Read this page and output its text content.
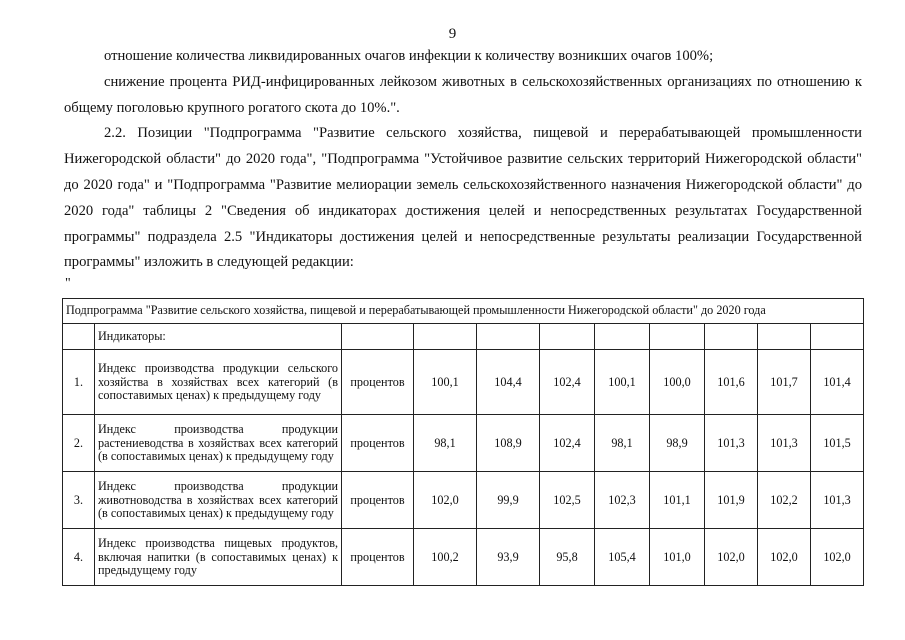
9

отношение количества ликвидированных очагов инфекции к количеству возникших очагов 100%;

снижение процента РИД-инфицированных лейкозом животных в сельскохозяйственных организациях по отношению к общему поголовью крупного рогатого скота до 10%.".

2.2. Позиции "Подпрограмма "Развитие сельского хозяйства, пищевой и перерабатывающей промышленности Нижегородской области" до 2020 года", "Подпрограмма "Устойчивое развитие сельских территорий Нижегородской области" до 2020 года" и "Подпрограмма "Развитие мелиорации земель сельскохозяйственного назначения Нижегородской области" до 2020 года" таблицы 2 "Сведения об индикаторах достижения целей и непосредственных результатах Государственной программы" подраздела 2.5 "Индикаторы достижения целей и непосредственные результаты реализации Государственной программы" изложить в следующей редакции:

"
Подпрограмма "Развитие сельского хозяйства, пищевой и перерабатывающей промышленности Нижегородской области" до 2020 года										
	Индикаторы:									
1.	Индекс производства продукции сельского хозяйства в хозяйствах всех категорий (в сопоставимых ценах) к предыдущему году	процентов	100,1	104,4	102,4	100,1	100,0	101,6	101,7	101,4
2.	Индекс производства продукции растениеводства в хозяйствах всех категорий (в сопоставимых ценах) к предыдущему году	процентов	98,1	108,9	102,4	98,1	98,9	101,3	101,3	101,5
3.	Индекс производства продукции животноводства в хозяйствах всех категорий (в сопоставимых ценах) к предыдущему году	процентов	102,0	99,9	102,5	102,3	101,1	101,9	102,2	101,3
4.	Индекс производства пищевых продуктов, включая напитки (в сопоставимых ценах) к предыдущему году	процентов	100,2	93,9	95,8	105,4	101,0	102,0	102,0	102,0
